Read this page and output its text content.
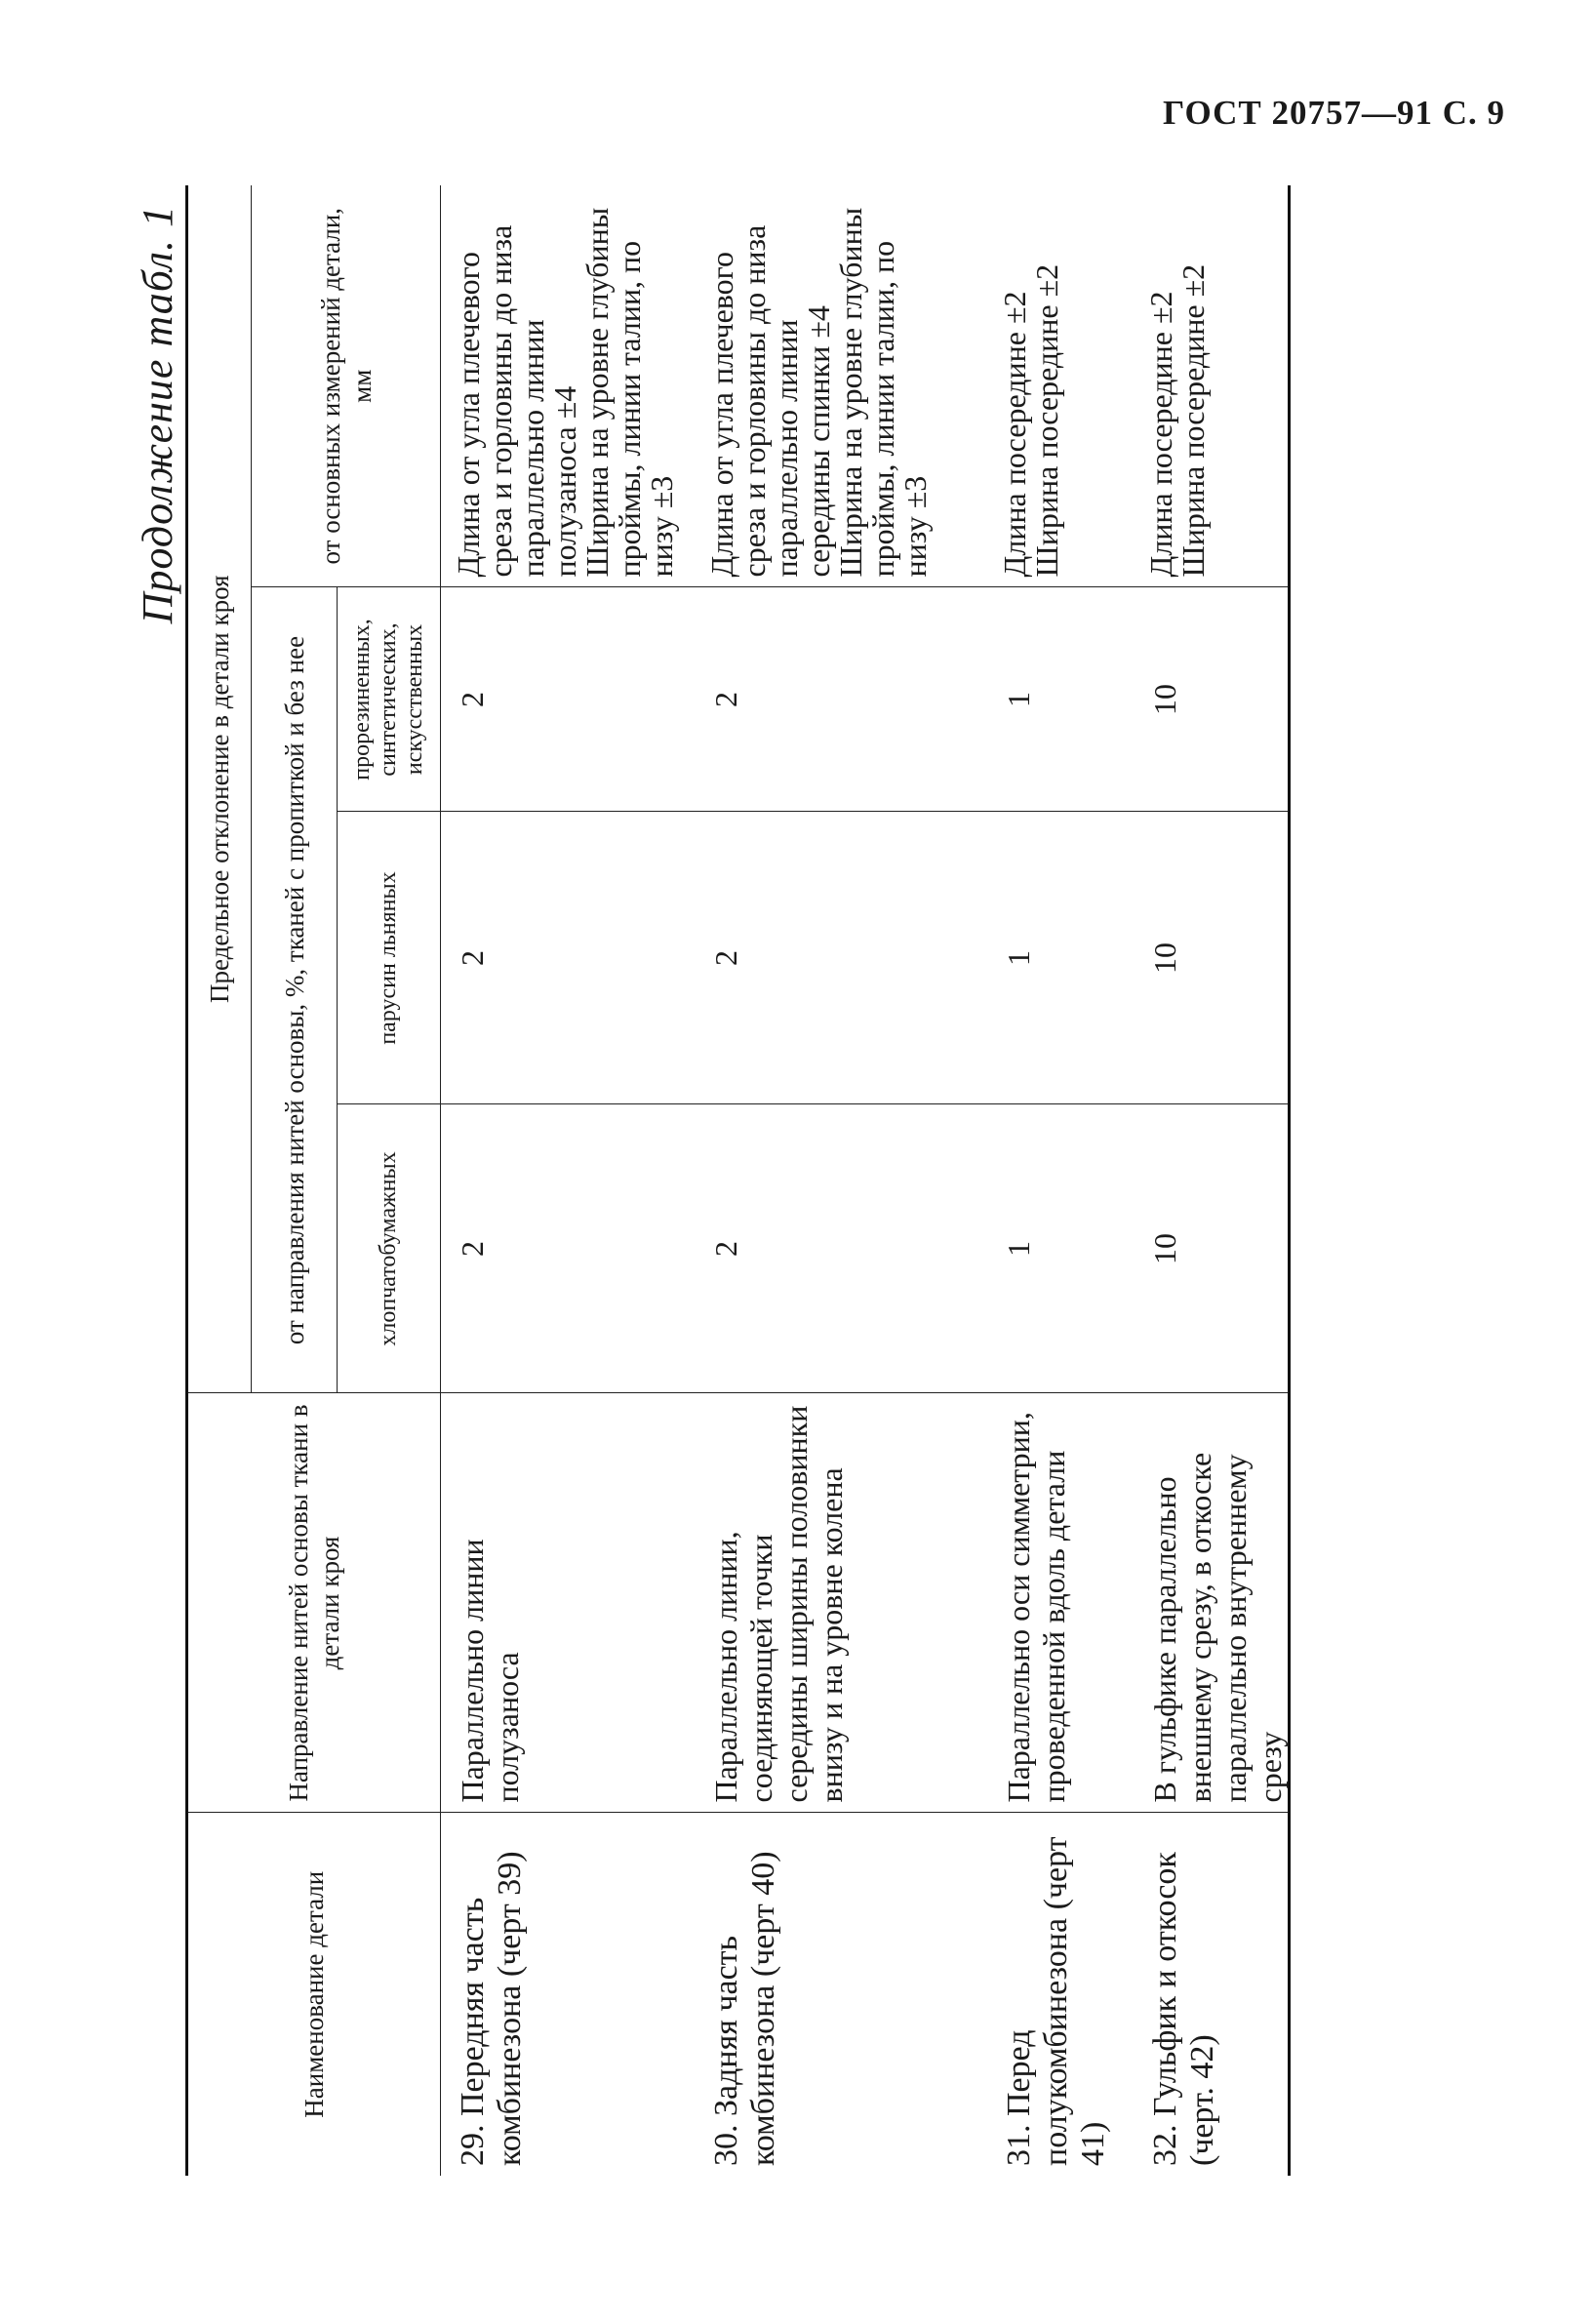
ГОСТ 20757—91 С. 9
Продолжение табл. 1
Наименование детали	Направление нитей основы ткани в детали кроя	Предельное отклонение в детали кроя			
		от направления нитей основы, %, тканей с пропиткой и без нее			от основных измерений детали, мм
		хлопчатобумажных	парусин льняных	прорезиненных, синтетических, искусственных	
29. Передняя часть комбинезона (черт 39)	Параллельно линии полузаноса	2	2	2	Длина от угла плечевого среза и горловины до низа параллельно линии полузаноса ±4
Ширина на уровне глубины проймы, линии талии, по низу ±3

30. Задняя часть комбинезона (черт 40)	Параллельно линии, соединяющей точки середины ширины половинки внизу и на уровне колена	2	2	2	Длина от угла плечевого среза и горловины до низа параллельно линии середины спинки ±4
Ширина на уровне глубины проймы, линии талии, по низу ±3

31. Перед полукомбинезона (черт 41)	Параллельно оси симметрии, проведенной вдоль детали	1	1	1	Длина посередине ±2
Ширина посередине ±2

32. Гульфик и откосок (черт. 42)	В гульфике параллельно внешнему срезу, в откоске параллельно внутреннему срезу	10	10	10	Длина посередине ±2
Ширина посередине ±2
